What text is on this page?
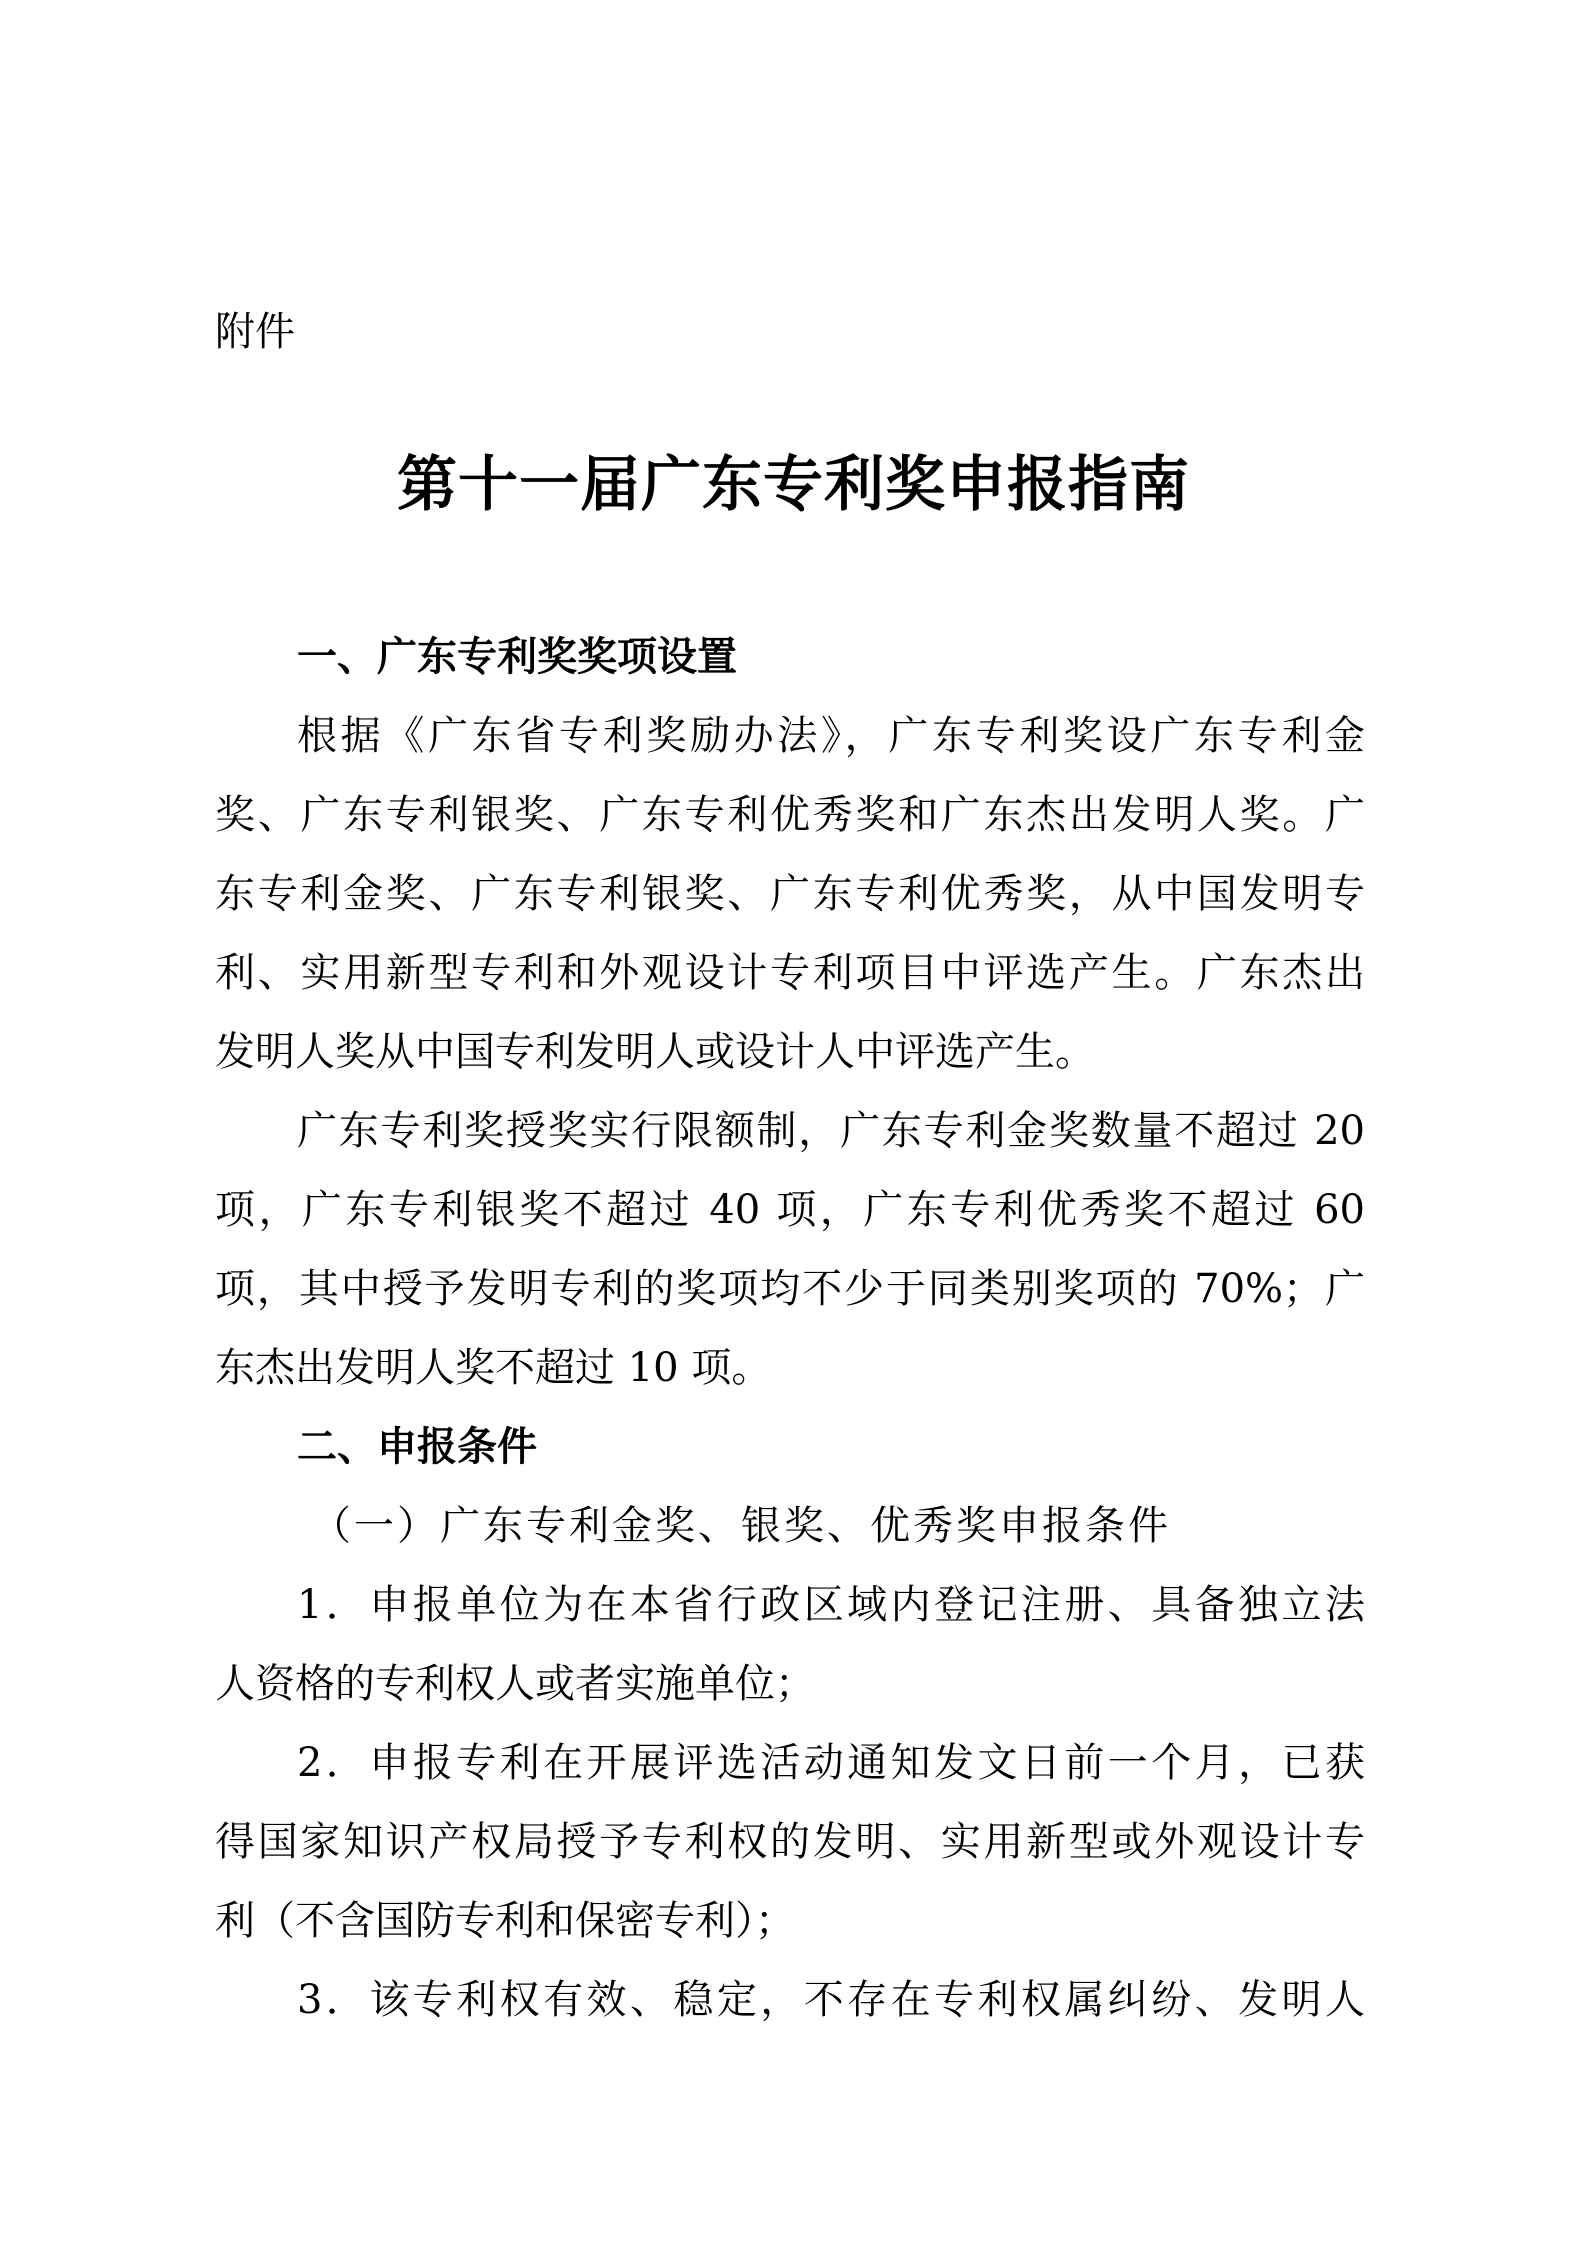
附件
第十一届广东专利奖申报指南
一、广东专利奖奖项设置
根据《广东省专利奖励办法》，广东专利奖设广东专利金
奖、广东专利银奖、广东专利优秀奖和广东杰出发明人奖。广
东专利金奖、广东专利银奖、广东专利优秀奖，从中国发明专
利、实用新型专利和外观设计专利项目中评选产生。广东杰出
发明人奖从中国专利发明人或设计人中评选产生。
广东专利奖授奖实行限额制，广东专利金奖数量不超过 20
项，广东专利银奖不超过 40 项，广东专利优秀奖不超过 60
项，其中授予发明专利的奖项均不少于同类别奖项的 70%；广
东杰出发明人奖不超过 10 项。
二、申报条件
（一）广东专利金奖、银奖、优秀奖申报条件
1．申报单位为在本省行政区域内登记注册、具备独立法
人资格的专利权人或者实施单位；
2．申报专利在开展评选活动通知发文日前一个月，已获
得国家知识产权局授予专利权的发明、实用新型或外观设计专
利（不含国防专利和保密专利）；
3．该专利权有效、稳定，不存在专利权属纠纷、发明人
